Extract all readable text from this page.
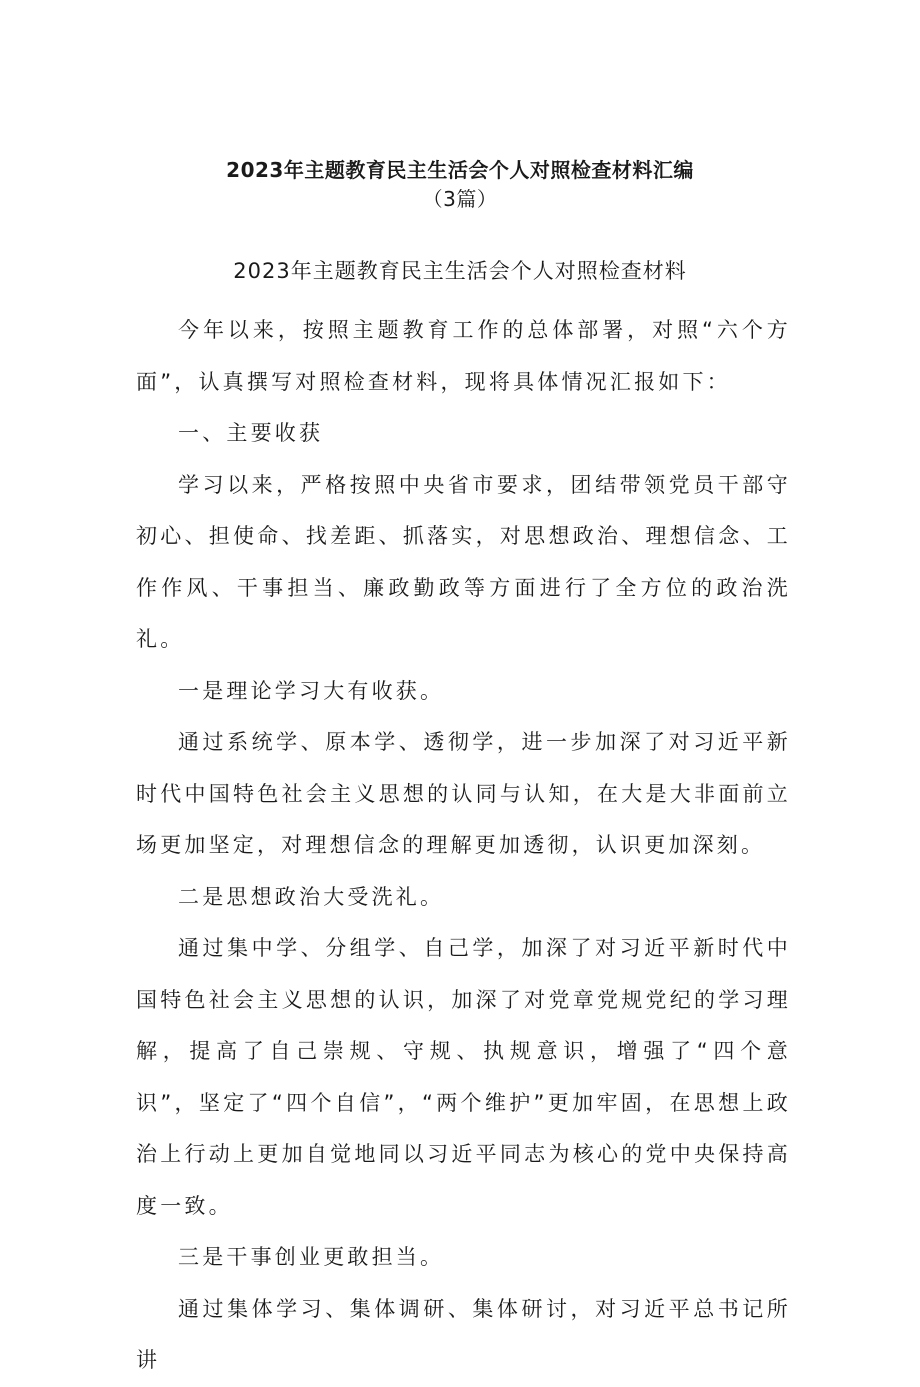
2023年主题教育民主生活会个人对照检查材料汇编
（3篇）
2023年主题教育民主生活会个人对照检查材料

今年以来，按照主题教育工作的总体部署，对照“六个方面”，认真撰写对照检查材料，现将具体情况汇报如下：

一、主要收获

学习以来，严格按照中央省市要求，团结带领党员干部守初心、担使命、找差距、抓落实，对思想政治、理想信念、工作作风、干事担当、廉政勤政等方面进行了全方位的政治洗礼。

一是理论学习大有收获。

通过系统学、原本学、透彻学，进一步加深了对习近平新时代中国特色社会主义思想的认同与认知，在大是大非面前立场更加坚定，对理想信念的理解更加透彻，认识更加深刻。

二是思想政治大受洗礼。

通过集中学、分组学、自己学，加深了对习近平新时代中国特色社会主义思想的认识，加深了对党章党规党纪的学习理解，提高了自己崇规、守规、执规意识，增强了“四个意识”，坚定了“四个自信”，“两个维护”更加牢固，在思想上政治上行动上更加自觉地同以习近平同志为核心的党中央保持高度一致。

三是干事创业更敢担当。

通过集体学习、集体调研、集体研讨，对习近平总书记所讲
